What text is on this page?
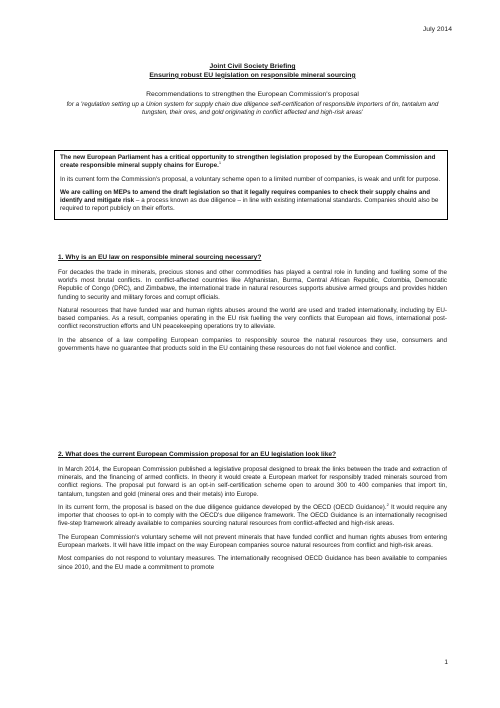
July 2014
Joint Civil Society Briefing
Ensuring robust EU legislation on responsible mineral sourcing
Recommendations to strengthen the European Commission's proposal
for a 'regulation setting up a Union system for supply chain due diligence self-certification of responsible importers of tin, tantalum and tungsten, their ores, and gold originating in conflict affected and high-risk areas'

The new European Parliament has a critical opportunity to strengthen legislation proposed by the European Commission and create responsible mineral supply chains for Europe.$^1$

In its current form the Commission's proposal, a voluntary scheme open to a limited number of companies, is weak and unfit for purpose.

We are calling on MEPs to amend the draft legislation so that it legally requires companies to check their supply chains and identify and mitigate risk – a process known as due diligence – in line with existing international standards. Companies should also be required to report publicly on their efforts.

1. Why is an EU law on responsible mineral sourcing necessary?

For decades the trade in minerals, precious stones and other commodities has played a central role in funding and fuelling some of the world's most brutal conflicts. In conflict-affected countries like Afghanistan, Burma, Central African Republic, Colombia, Democratic Republic of Congo (DRC), and Zimbabwe, the international trade in natural resources supports abusive armed groups and provides hidden funding to security and military forces and corrupt officials.

Natural resources that have funded war and human rights abuses around the world are used and traded internationally, including by EU-based companies. As a result, companies operating in the EU risk fuelling the very conflicts that European aid flows, international post-conflict reconstruction efforts and UN peacekeeping operations try to alleviate.

In the absence of a law compelling European companies to responsibly source the natural resources they use, consumers and governments have no guarantee that products sold in the EU containing these resources do not fuel violence and conflict.

2. What does the current European Commission proposal for an EU legislation look like?

In March 2014, the European Commission published a legislative proposal designed to break the links between the trade and extraction of minerals, and the financing of armed conflicts. In theory it would create a European market for responsibly traded minerals sourced from conflict regions. The proposal put forward is an opt-in self-certification scheme open to around 300 to 400 companies that import tin, tantalum, tungsten and gold (mineral ores and their metals) into Europe.

In its current form, the proposal is based on the due diligence guidance developed by the OECD (OECD Guidance).$^2$ It would require any importer that chooses to opt-in to comply with the OECD's due diligence framework. The OECD Guidance is an internationally recognised five-step framework already available to companies sourcing natural resources from conflict-affected and high-risk areas.

The European Commission's voluntary scheme will not prevent minerals that have funded conflict and human rights abuses from entering European markets. It will have little impact on the way European companies source natural resources from conflict and high-risk areas.

Most companies do not respond to voluntary measures. The internationally recognised OECD Guidance has been available to companies since 2010, and the EU made a commitment to promote

1
